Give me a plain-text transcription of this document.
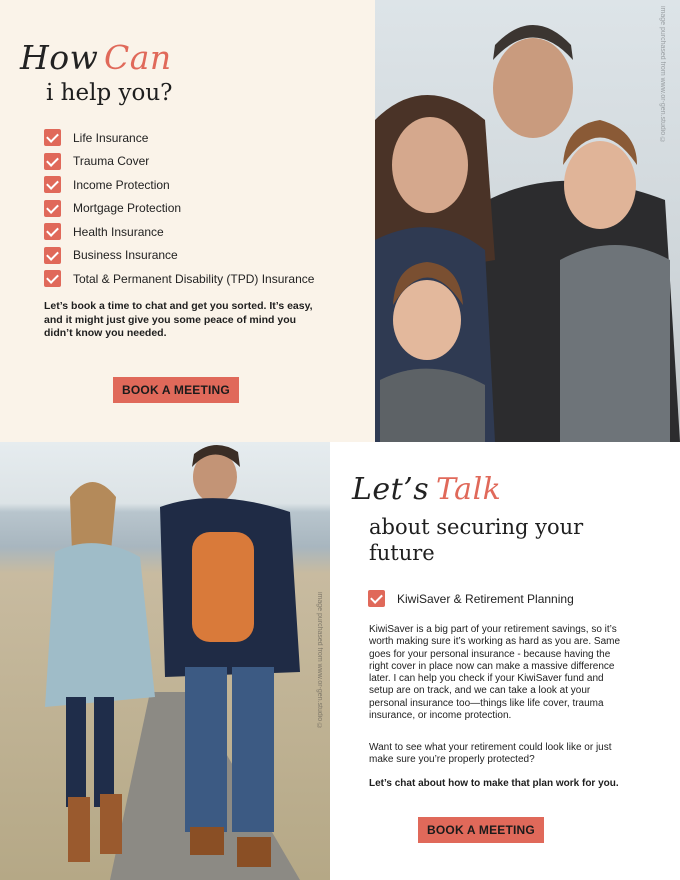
How Can
i help you?
Life Insurance
Trauma Cover
Income Protection
Mortgage Protection
Health Insurance
Business Insurance
Total & Permanent Disability (TPD) Insurance

Let’s book a time to chat and get you sorted. It’s easy, and it might just give you some peace of mind you didn’t know you needed.

BOOK A MEETING
image purchased from www.or-gen.studio ©
image purchased from www.or-gen.studio ©
Let’s Talk
about securing your future
KiwiSaver & Retirement Planning

KiwiSaver is a big part of your retirement savings, so it’s worth making sure it’s working as hard as you are. Same goes for your personal insurance - because having the right cover in place now can make a massive difference later. I can help you check if your KiwiSaver fund and setup are on track, and we can take a look at your personal insurance too—things like life cover, trauma insurance, or income protection.

Want to see what your retirement could look like or just make sure you’re properly protected?

Let’s chat about how to make that plan work for you.

BOOK A MEETING
